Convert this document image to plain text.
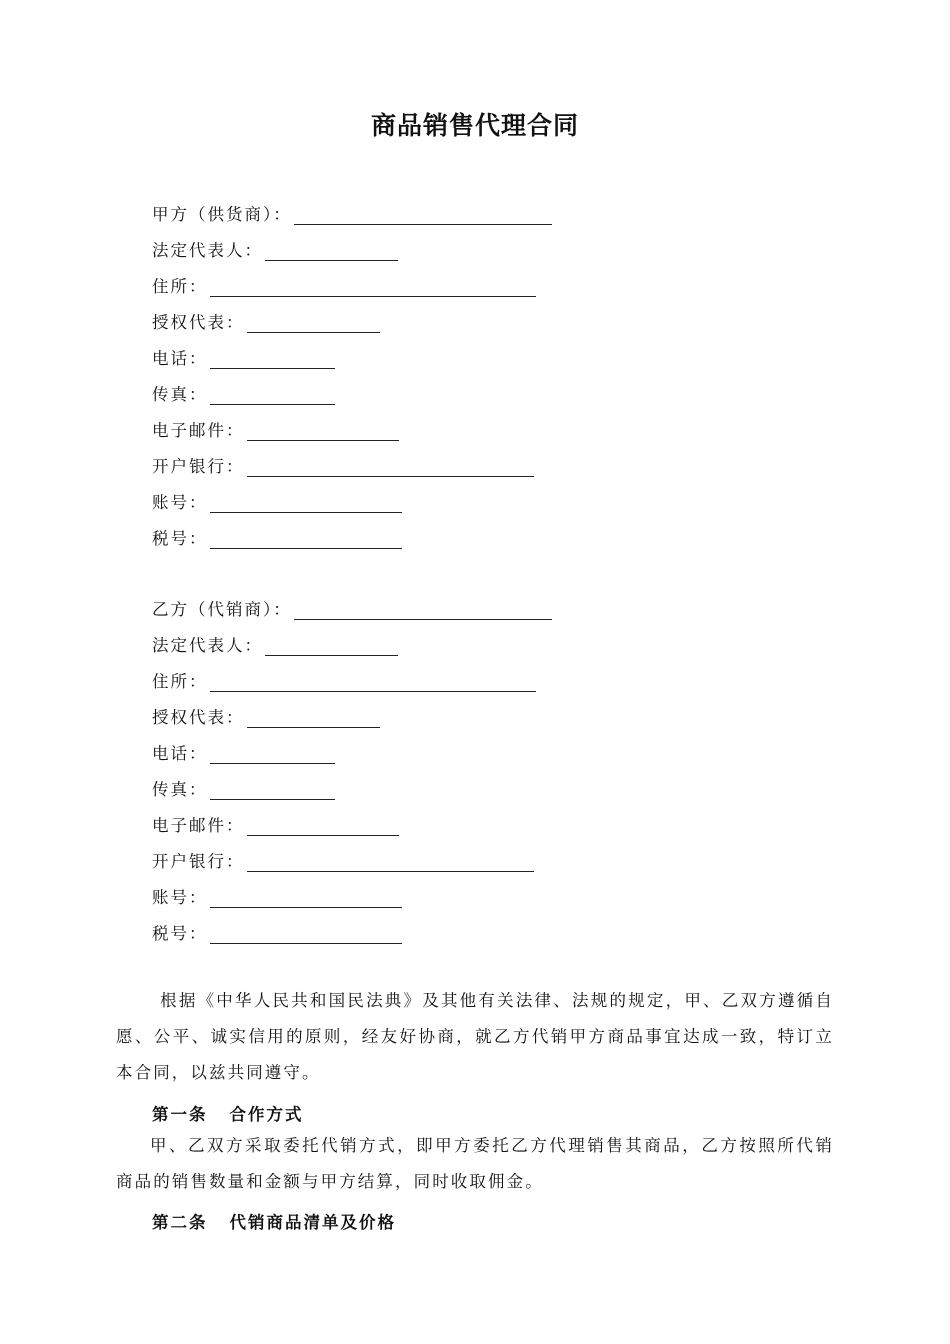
商品销售代理合同
甲方（供货商）：
法定代表人：
住所：
授权代表：
电话：
传真：
电子邮件：
开户银行：
账号：
税号：
乙方（代销商）：
法定代表人：
住所：
授权代表：
电话：
传真：
电子邮件：
开户银行：
账号：
税号：
根据《中华人民共和国民法典》及其他有关法律、法规的规定，甲、乙双方遵循自愿、公平、诚实信用的原则，经友好协商，就乙方代销甲方商品事宜达成一致，特订立本合同，以兹共同遵守。
第一条 合作方式
甲、乙双方采取委托代销方式，即甲方委托乙方代理销售其商品，乙方按照所代销商品的销售数量和金额与甲方结算，同时收取佣金。
第二条 代销商品清单及价格
